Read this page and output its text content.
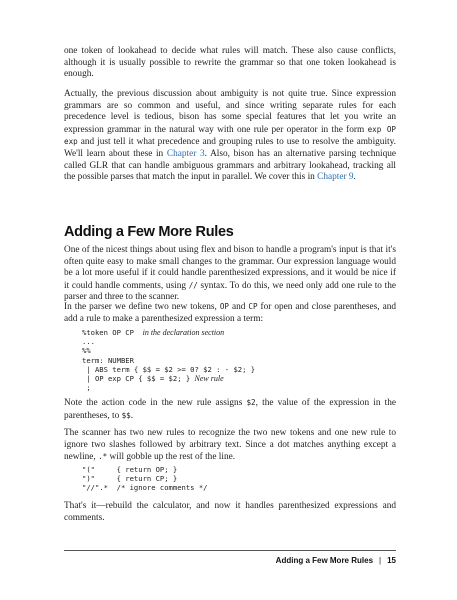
one token of lookahead to decide what rules will match. These also cause conflicts, although it is usually possible to rewrite the grammar so that one token lookahead is enough.

Actually, the previous discussion about ambiguity is not quite true. Since expression grammars are so common and useful, and since writing separate rules for each precedence level is tedious, bison has some special features that let you write an expression grammar in the natural way with one rule per operator in the form exp OP exp and just tell it what precedence and grouping rules to use to resolve the ambiguity. We'll learn about these in Chapter 3. Also, bison has an alternative parsing technique called GLR that can handle ambiguous grammars and arbitrary lookahead, tracking all the possible parses that match the input in parallel. We cover this in Chapter 9.

Adding a Few More Rules

One of the nicest things about using flex and bison to handle a program's input is that it's often quite easy to make small changes to the grammar. Our expression language would be a lot more useful if it could handle parenthesized expressions, and it would be nice if it could handle comments, using // syntax. To do this, we need only add one rule to the parser and three to the scanner.

In the parser we define two new tokens, OP and CP for open and close parentheses, and add a rule to make a parenthesized expression a term:

%token OP CP in the declaration section
...
%%
term: NUMBER
| ABS term { $$ = $2 >= 0? $2 : - $2; }
| OP exp CP { $$ = $2; } New rule
;

Note the action code in the new rule assigns $2, the value of the expression in the parentheses, to $$.

The scanner has two new rules to recognize the two new tokens and one new rule to ignore two slashes followed by arbitrary text. Since a dot matches anything except a newline, .* will gobble up the rest of the line.

"("     { return OP; }
")"     { return CP; }
"//".*  /* ignore comments */

That's it—rebuild the calculator, and now it handles parenthesized expressions and comments.

Adding a Few More Rules | 15
